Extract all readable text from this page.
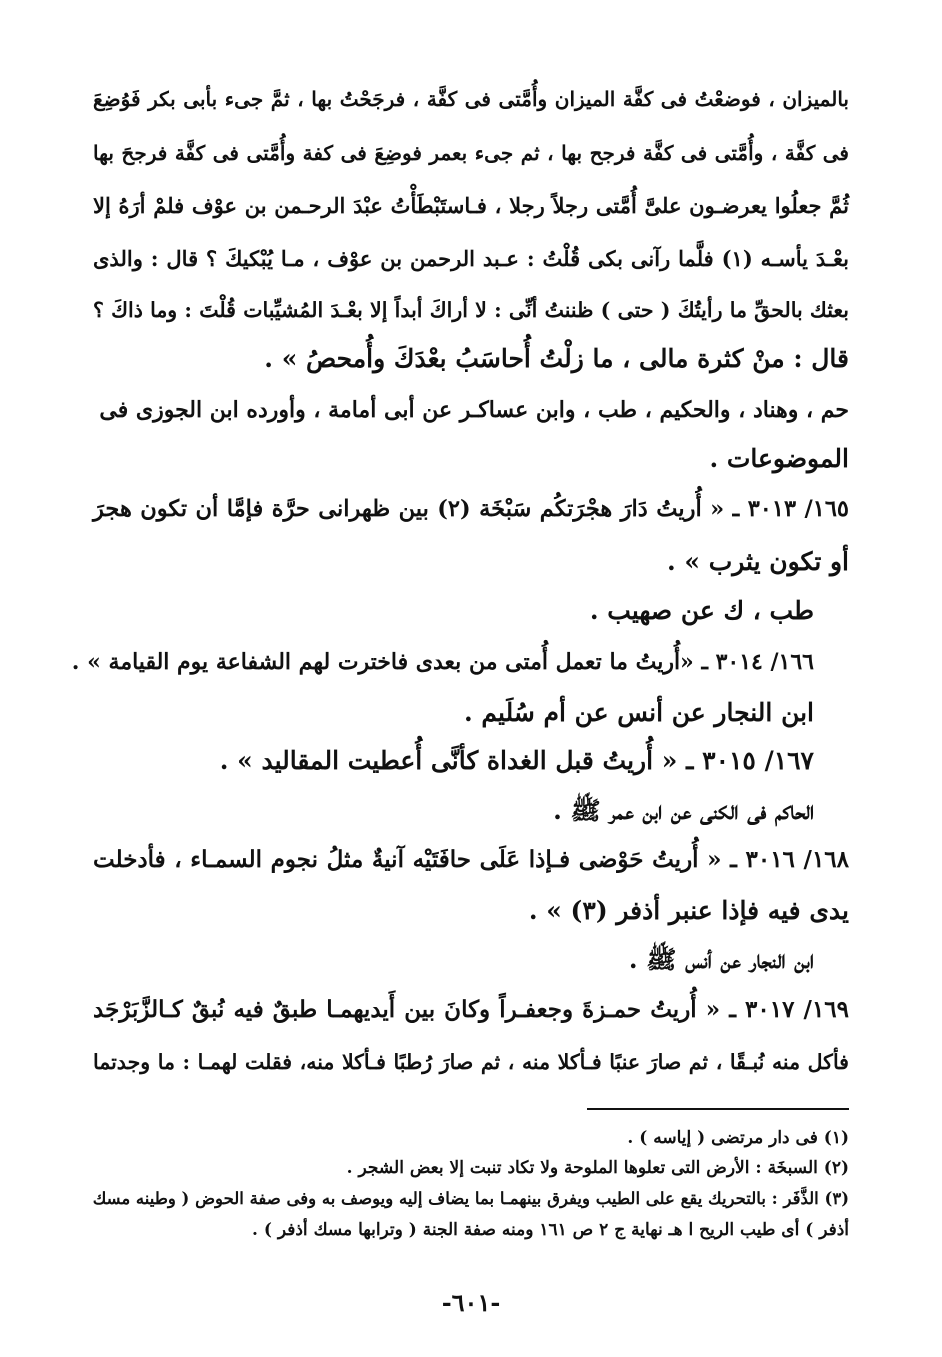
بالميزان ، فوضعْتُ فى كفَّة الميزان وأُمَّتى فى كفَّة ، فرجَحْتُ بها ، ثمَّ جىء بأبى بكر فَوُضِعَ
فى كفَّة ، وأُمَّتى فى كفَّة فرجح بها ، ثم جىء بعمر فوضِعَ فى كفة وأُمَّتى فى كفَّة فرجحَ بها
ثُمَّ جعلُوا يعرضـون علىَّ أُمَّتى رجلاً رجلا ، فـاستَبْطَأْتُ عبْدَ الرحـمن بن عوْف فلمْ أرَهُ إلا
بعْـدَ يأسـه (١) فلَّما رآنى بكى قُلْتُ : عـبد الرحمن بن عوْف ، مـا يُبْكيكَ ؟ قال : والذى
بعثك بالحقِّ ما رأيتُكَ ( حتى ) ظننتُ أنِّى : لا أراكَ أبداً إلا بعْـدَ المُشيِّبات قُلْتَ : وما ذاكَ ؟
قال : منْ كثرة مالى ، ما زلْتُ أُحاسَبُ بعْدَكَ وأُمحصُ » .
حم ، وهناد ، والحكيم ، طب ، وابن عساكـر عن أبى أمامة ، وأورده ابن الجوزى فى
الموضوعات .
١٦٥/ ٣٠١٣ ـ « أُريتُ دَارَ هجْرَتكُم سَبْخَة (٢) بين ظهرانى حرَّة فإمَّا أن تكون هجرَ
أو تكون يثرب » .
طب ، ك عن صهيب .
١٦٦/ ٣٠١٤ ـ «أُريتُ ما تعمل أُمتى من بعدى فاخترت لهم الشفاعة يوم القيامة » .
ابن النجار عن أنس عن أم سُلَيم .
١٦٧/ ٣٠١٥ ـ « أُريتُ قبل الغداة كأنَّى أُعطيت المقاليد » .
الحاكم فى الكنى عن ابن عمر ﷺ .
١٦٨/ ٣٠١٦ ـ « أُريتُ حَوْضى فـإذا عَلَى حافَتَيْه آنيةٌ مثلُ نجوم السمـاء ، فأدخلت
يدى فيه فإذا عنبر أذفر (٣) » .
ابن النجار عن أنس ﷺ .
١٦٩/ ٣٠١٧ ـ « أُريتُ حمـزةَ وجعفـراً وكانَ بين أَيديهمـا طبقٌ فيه نُبقٌ كـالزَّبَرْجَد
فأكل منه نُبـقًا ، ثم صارَ عنبًا فـأكلا منه ، ثم صارَ رُطبًا فـأكلا منه، فقلت لهمـا : ما وجدتما
(١) فى دار مرتضى ( إياسه ) .
(٢) السبخَة : الأرض التى تعلوها الملوحة ولا تكاد تنبت إلا بعض الشجر .
(٣) الذَّفَر : بالتحريك يقع على الطيب ويفرق بينهمـا بما يضاف إليه ويوصف به وفى صفة الحوض ( وطينه مسك
أذفر ) أى طيب الريح ا هـ نهاية ج ٢ ص ١٦١ ومنه صفة الجنة ( وترابها مسك أذفر ) .
-٦٠١-
